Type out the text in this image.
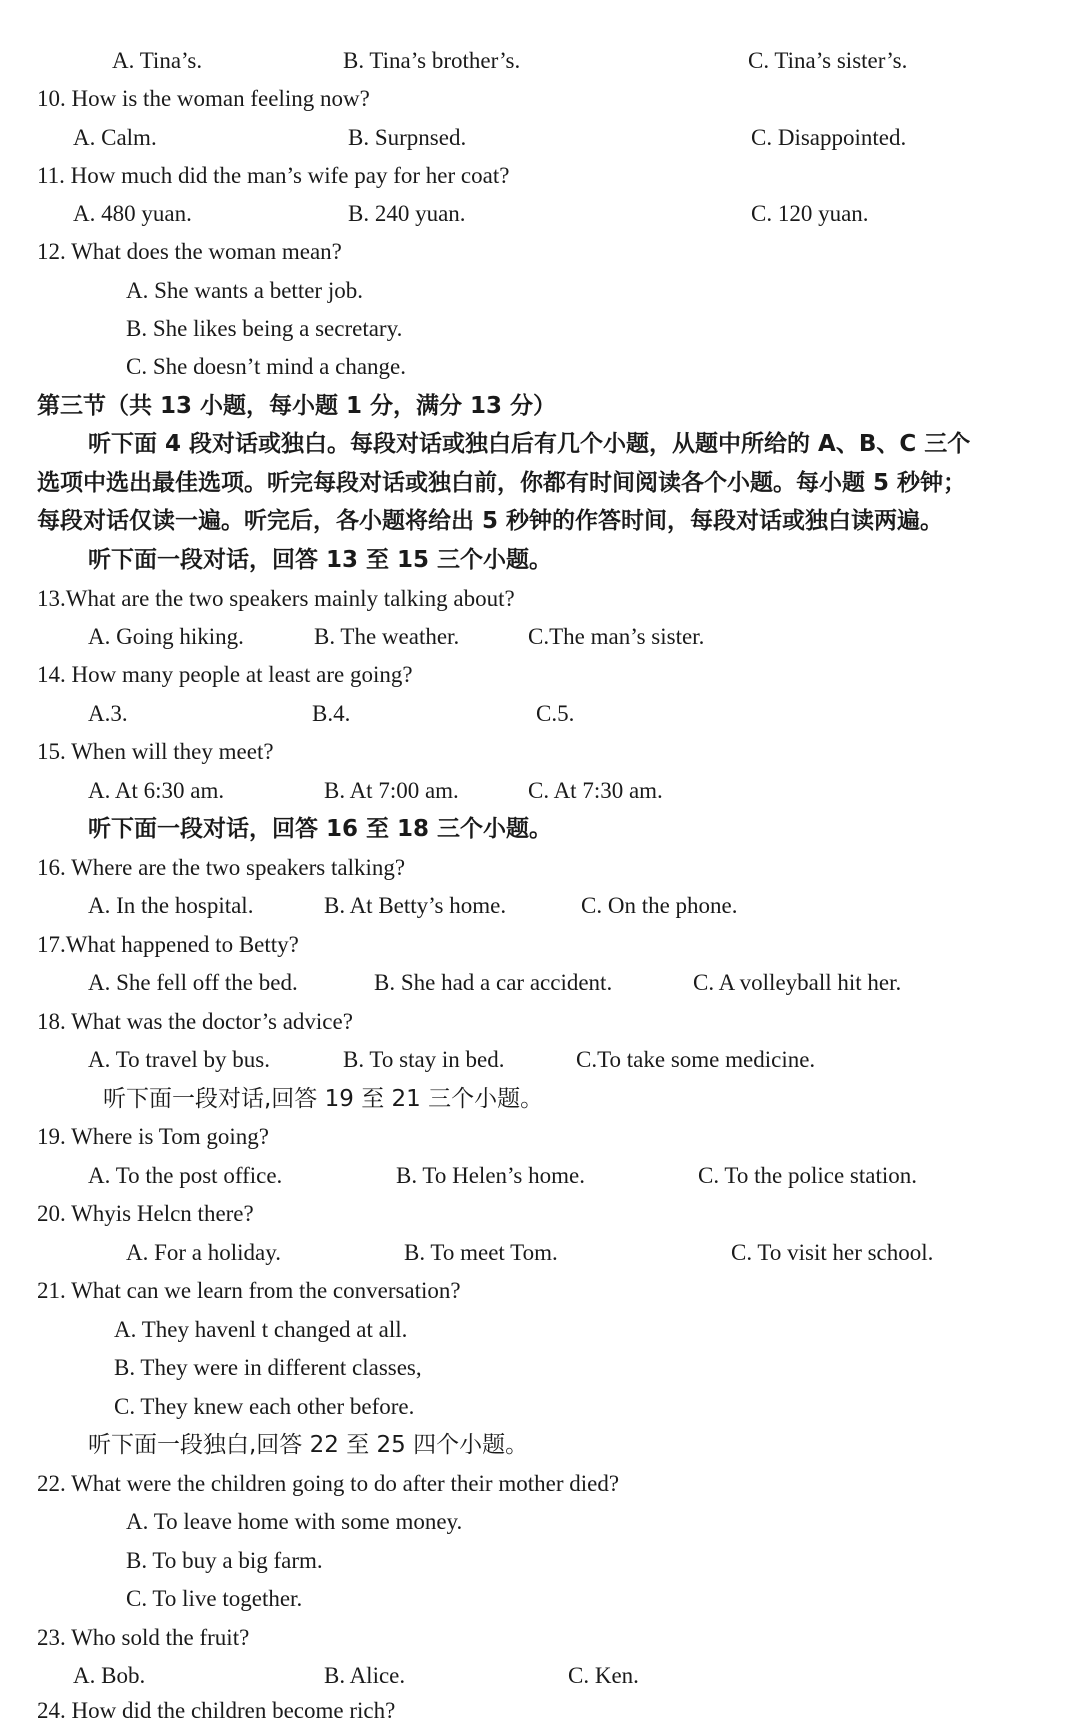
A. Tina’s.	B. Tina’s brother’s.	C. Tina’s sister’s.
10. How is the woman feeling now?
A. Calm.	B. Surpnsed.	C. Disappointed.
11. How much did the man’s wife pay for her coat?
A. 480 yuan.	B. 240 yuan.	C. 120 yuan.
12. What does the woman mean?
A. She wants a better job.
B. She likes being a secretary.
C. She doesn’t mind a change.
第三节（共 13 小题，每小题 1 分，满分 13 分）
听下面 4 段对话或独白。每段对话或独白后有几个小题，从题中所给的 A、B、C 三个
选项中选出最佳选项。听完每段对话或独白前，你都有时间阅读各个小题。每小题 5 秒钟；
每段对话仅读一遍。听完后，各小题将给出 5 秒钟的作答时间，每段对话或独白读两遍。
听下面一段对话，回答 13 至 15 三个小题。
13.What are the two speakers mainly talking about?
A. Going hiking.	B. The weather.	C.The man’s sister.
14. How many people at least are going?
A.3.	B.4.	C.5.
15. When will they meet?
A. At 6:30 am.	B. At 7:00 am.	C. At 7:30 am.
听下面一段对话，回答 16 至 18 三个小题。
16. Where are the two speakers talking?
A. In the hospital.	B. At Betty’s home.	C. On the phone.
17.What happened to Betty?
A. She fell off the bed.	B. She had a car accident.	C. A volleyball hit her.
18. What was the doctor’s advice?
A. To travel by bus.	B. To stay in bed.	C.To take some medicine.
听下面一段对话,回答 19 至 21 三个小题。
19. Where is Tom going?
A. To the post office.	B. To Helen’s home.	C. To the police station.
20. Whyis Helcn there?
A. For a holiday.	B. To meet Tom.	C. To visit her school.
21. What can we learn from the conversation?
A. They havenl t changed at all.
B. They were in different classes,
C. They knew each other before.
听下面一段独白,回答 22 至 25 四个小题。
22. What were the children going to do after their mother died?
A. To leave home with some money.
B. To buy a big farm.
C. To live together.
23. Who sold the fruit?
A. Bob.	B. Alice.	C. Ken.
24. How did the children become rich?
